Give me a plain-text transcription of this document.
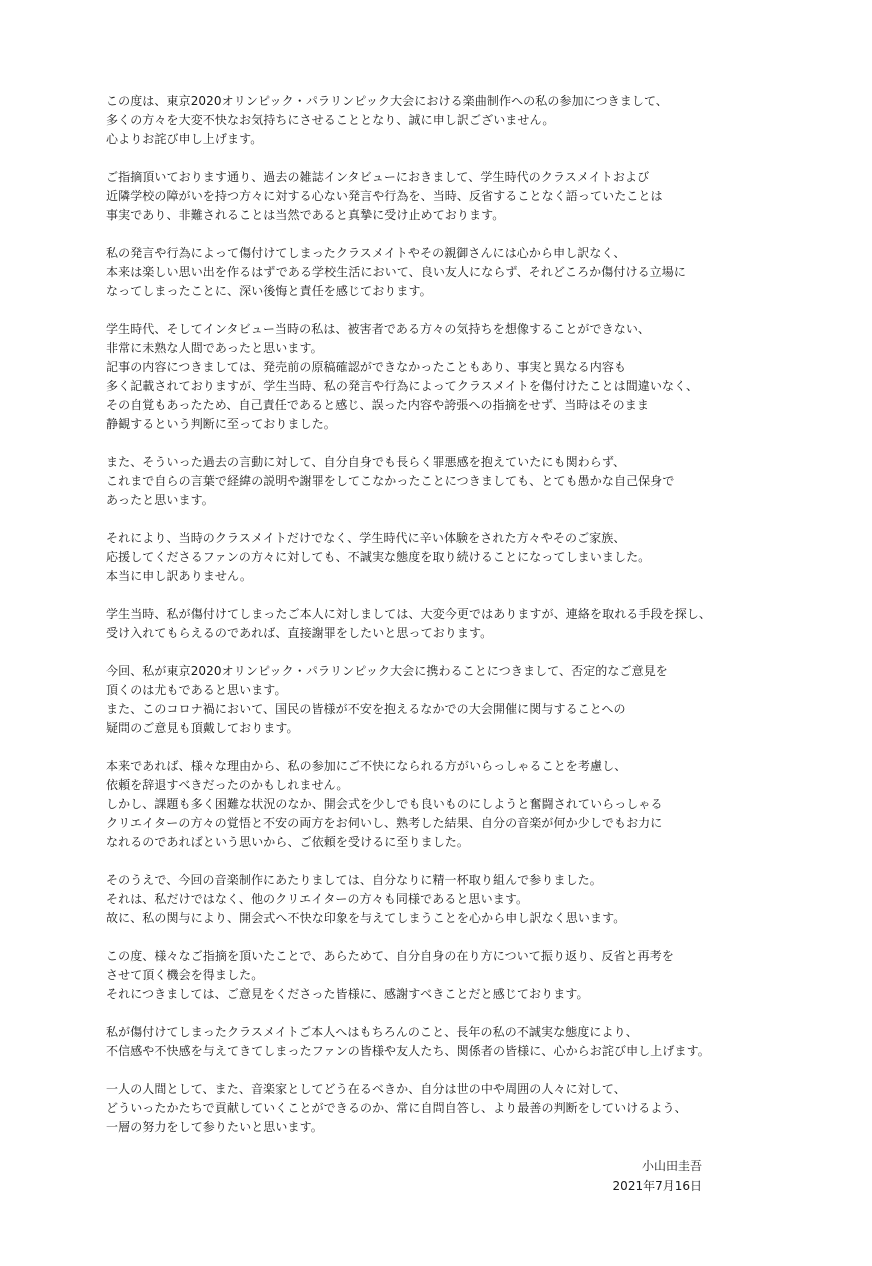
この度は、東京2020オリンピック・パラリンピック大会における楽曲制作への私の参加につきまして、
多くの方々を大変不快なお気持ちにさせることとなり、誠に申し訳ございません。
心よりお詫び申し上げます。
ご指摘頂いております通り、過去の雑誌インタビューにおきまして、学生時代のクラスメイトおよび
近隣学校の障がいを持つ方々に対する心ない発言や行為を、当時、反省することなく語っていたことは
事実であり、非難されることは当然であると真摯に受け止めております。
私の発言や行為によって傷付けてしまったクラスメイトやその親御さんには心から申し訳なく、
本来は楽しい思い出を作るはずである学校生活において、良い友人にならず、それどころか傷付ける立場に
なってしまったことに、深い後悔と責任を感じております。
学生時代、そしてインタビュー当時の私は、被害者である方々の気持ちを想像することができない、
非常に未熟な人間であったと思います。
記事の内容につきましては、発売前の原稿確認ができなかったこともあり、事実と異なる内容も
多く記載されておりますが、学生当時、私の発言や行為によってクラスメイトを傷付けたことは間違いなく、
その自覚もあったため、自己責任であると感じ、誤った内容や誇張への指摘をせず、当時はそのまま
静観するという判断に至っておりました。
また、そういった過去の言動に対して、自分自身でも長らく罪悪感を抱えていたにも関わらず、
これまで自らの言葉で経緯の説明や謝罪をしてこなかったことにつきましても、とても愚かな自己保身で
あったと思います。
それにより、当時のクラスメイトだけでなく、学生時代に辛い体験をされた方々やそのご家族、
応援してくださるファンの方々に対しても、不誠実な態度を取り続けることになってしまいました。
本当に申し訳ありません。
学生当時、私が傷付けてしまったご本人に対しましては、大変今更ではありますが、連絡を取れる手段を探し、
受け入れてもらえるのであれば、直接謝罪をしたいと思っております。
今回、私が東京2020オリンピック・パラリンピック大会に携わることにつきまして、否定的なご意見を
頂くのは尤もであると思います。
また、このコロナ禍において、国民の皆様が不安を抱えるなかでの大会開催に関与することへの
疑問のご意見も頂戴しております。
本来であれば、様々な理由から、私の参加にご不快になられる方がいらっしゃることを考慮し、
依頼を辞退すべきだったのかもしれません。
しかし、課題も多く困難な状況のなか、開会式を少しでも良いものにしようと奮闘されていらっしゃる
クリエイターの方々の覚悟と不安の両方をお伺いし、熟考した結果、自分の音楽が何か少しでもお力に
なれるのであればという思いから、ご依頼を受けるに至りました。
そのうえで、今回の音楽制作にあたりましては、自分なりに精一杯取り組んで参りました。
それは、私だけではなく、他のクリエイターの方々も同様であると思います。
故に、私の関与により、開会式へ不快な印象を与えてしまうことを心から申し訳なく思います。
この度、様々なご指摘を頂いたことで、あらためて、自分自身の在り方について振り返り、反省と再考を
させて頂く機会を得ました。
それにつきましては、ご意見をくださった皆様に、感謝すべきことだと感じております。
私が傷付けてしまったクラスメイトご本人へはもちろんのこと、長年の私の不誠実な態度により、
不信感や不快感を与えてきてしまったファンの皆様や友人たち、関係者の皆様に、心からお詫び申し上げます。
一人の人間として、また、音楽家としてどう在るべきか、自分は世の中や周囲の人々に対して、
どういったかたちで貢献していくことができるのか、常に自問自答し、より最善の判断をしていけるよう、
一層の努力をして参りたいと思います。
小山田圭吾
2021年7月16日
